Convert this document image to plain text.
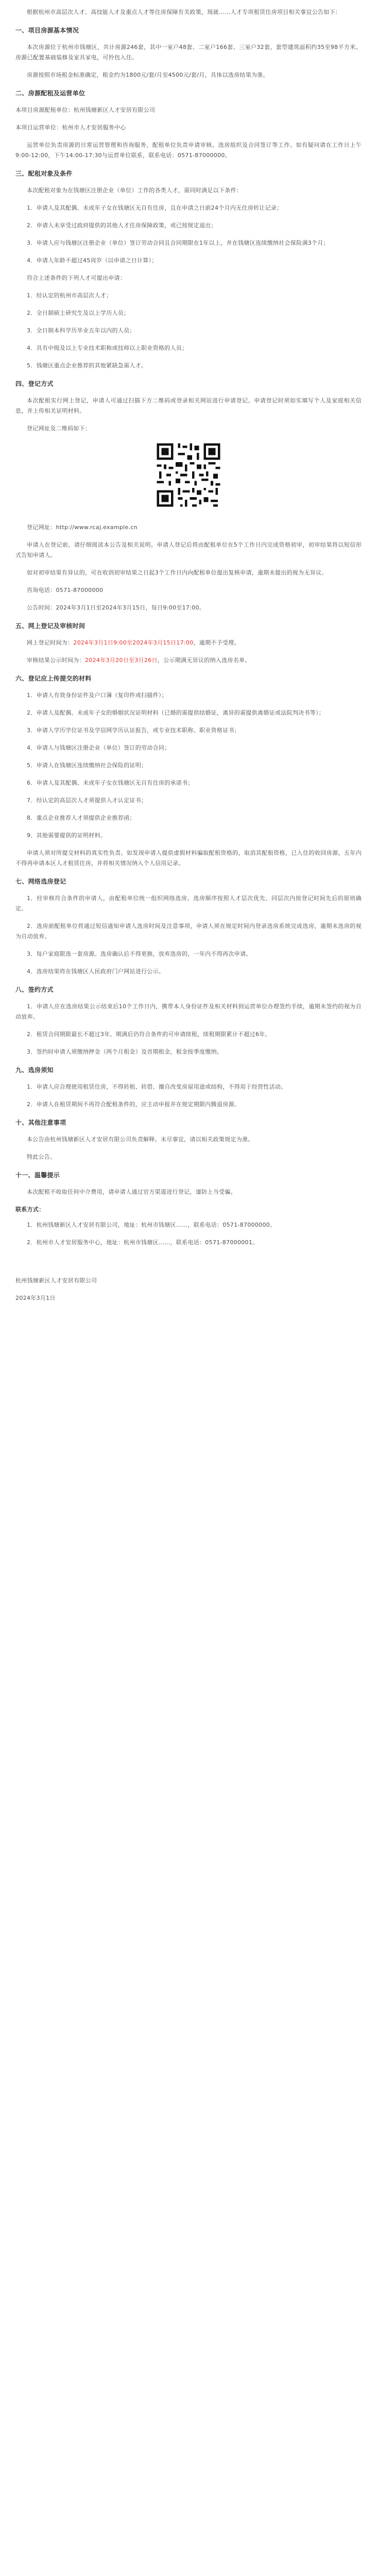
根据杭州市高层次人才、高技能人才及重点人才等住房保障有关政策，现就……人才专项租赁住房项目相关事宜公告如下：

一、项目房源基本情况

本次房源位于杭州市钱塘区，共计房源246套，其中一室户48套、二室户166套、三室户32套，套型建筑面积约35至98平方米。房源已配置基础装修及家具家电，可拎包入住。

房源按照市场租金标准确定，租金约为1800元/套/月至4500元/套/月，具体以选房结果为准。

二、房源配租及运营单位

本项目房源配租单位：杭州钱塘新区人才安居有限公司

本项目运营单位：杭州市人才安居服务中心

运营单位负责房源的日常运营管理和咨询服务，配租单位负责申请审核、选房组织及合同签订等工作。如有疑问请在工作日上午9:00-12:00，下午14:00-17:30与运营单位联系，联系电话：0571-87000000。

三、配租对象及条件

本次配租对象为在钱塘区注册企业（单位）工作的各类人才，需同时满足以下条件：

1．申请人及其配偶、未成年子女在钱塘区无自有住房，且在申请之日前24个月内无住房转让记录；

2．申请人未享受过政府提供的其他人才住房保障政策，或已按规定退出；

3．申请人应与钱塘区注册企业（单位）签订劳动合同且合同期限在1年以上，并在钱塘区连续缴纳社会保险满3个月；

4．申请人年龄不超过45周岁（以申请之日计算）；

符合上述条件的下列人才可提出申请：

1．经认定的杭州市高层次人才；

2．全日制硕士研究生及以上学历人员；

3．全日制本科学历毕业五年以内的人员；

4．具有中级及以上专业技术职称或技师以上职业资格的人员；

5．钱塘区重点企业推荐的其他紧缺急需人才。

四、登记方式

本次配租实行网上登记，申请人可通过扫描下方二维码或登录相关网站进行申请登记。申请登记时须如实填写个人及家庭相关信息，并上传相关证明材料。

登记网址及二维码如下：

登记网址：http://www.rcaj.example.cn

申请人在登记前，请仔细阅读本公告及相关说明。申请人登记后将由配租单位在5个工作日内完成资格初审，初审结果将以短信形式告知申请人。

如对初审结果有异议的，可在收到初审结果之日起3个工作日内向配租单位提出复核申请，逾期未提出的视为无异议。

咨询电话：0571-87000000

公告时间：2024年3月1日至2024年3月15日，每日9:00至17:00。

五、网上登记及审核时间

网上登记时间为：2024年3月1日9:00至2024年3月15日17:00，逾期不予受理。

审核结果公示时间为：2024年3月20日至3月26日，公示期满无异议的纳入选房名单。

六、登记应上传提交的材料

1．申请人有效身份证件及户口簿（复印件或扫描件）；

2．申请人及配偶、未成年子女的婚姻状况证明材料（已婚的需提供结婚证，离异的需提供离婚证或法院判决书等）；

3．申请人学历学位证书及学信网学历认证报告，或专业技术职称、职业资格证书；

4．申请人与钱塘区注册企业（单位）签订的劳动合同；

5．申请人在钱塘区连续缴纳社会保险的证明；

6．申请人及其配偶、未成年子女在钱塘区无自有住房的承诺书；

7．经认定的高层次人才须提供人才认定证书；

8．重点企业推荐人才须提供企业推荐函；

9．其他需要提供的证明材料。

申请人须对所提交材料的真实性负责。如发现申请人提供虚假材料骗取配租资格的，取消其配租资格，已入住的收回房源，五年内不得再申请本区人才租赁住房，并将相关情况纳入个人信用记录。

七、网络选房登记

1．经审核符合条件的申请人，由配租单位统一组织网络选房。选房顺序按照人才层次优先、同层次内按登记时间先后的原则确定。

2．选房前配租单位将通过短信通知申请人选房时间及注意事项，申请人须在规定时间内登录选房系统完成选房，逾期未选房的视为自动放弃。

3．每户家庭限选一套房源。选房确认后不得更换，放弃选房的，一年内不得再次申请。

4．选房结果将在钱塘区人民政府门户网站进行公示。

八、签约方式

1．申请人应在选房结果公示结束后10个工作日内，携带本人身份证件及相关材料到运营单位办理签约手续，逾期未签约的视为自动放弃。

2．租赁合同期限最长不超过3年，期满后仍符合条件的可申请续租，续租期限累计不超过6年。

3．签约时申请人须缴纳押金（两个月租金）及首期租金，租金按季度缴纳。

九、选房须知

1．申请人应合理使用租赁住房，不得转租、转借、擅自改变房屋用途或结构，不得用于经营性活动。

2．申请人在租赁期间不再符合配租条件的，应主动申报并在规定期限内腾退房源。

十、其他注意事项

本公告由杭州钱塘新区人才安居有限公司负责解释。未尽事宜，请以相关政策规定为准。

特此公告。

十一、温馨提示

本次配租不收取任何中介费用，请申请人通过官方渠道进行登记，谨防上当受骗。

联系方式：

1．杭州钱塘新区人才安居有限公司，地址：杭州市钱塘区……，联系电话：0571-87000000。

2．杭州市人才安居服务中心，地址：杭州市钱塘区……，联系电话：0571-87000001。

杭州钱塘新区人才安居有限公司

2024年3月1日
